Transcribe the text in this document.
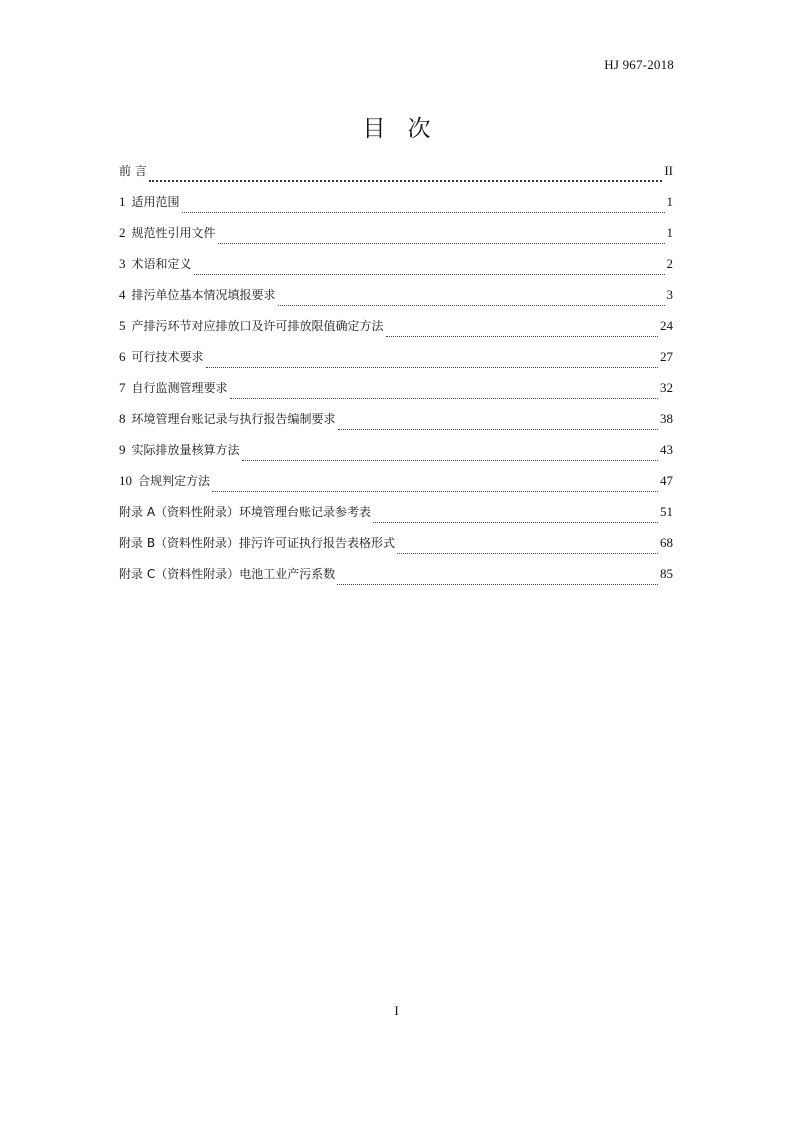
HJ 967-2018
目次
前 言	II
1 适用范围	1
2 规范性引用文件	1
3 术语和定义	2
4 排污单位基本情况填报要求	3
5 产排污环节对应排放口及许可排放限值确定方法	24
6 可行技术要求	27
7 自行监测管理要求	32
8 环境管理台账记录与执行报告编制要求	38
9 实际排放量核算方法	43
10 合规判定方法	47
附录 A（资料性附录）环境管理台账记录参考表	51
附录 B（资料性附录）排污许可证执行报告表格形式	68
附录 C（资料性附录）电池工业产污系数	85
I
